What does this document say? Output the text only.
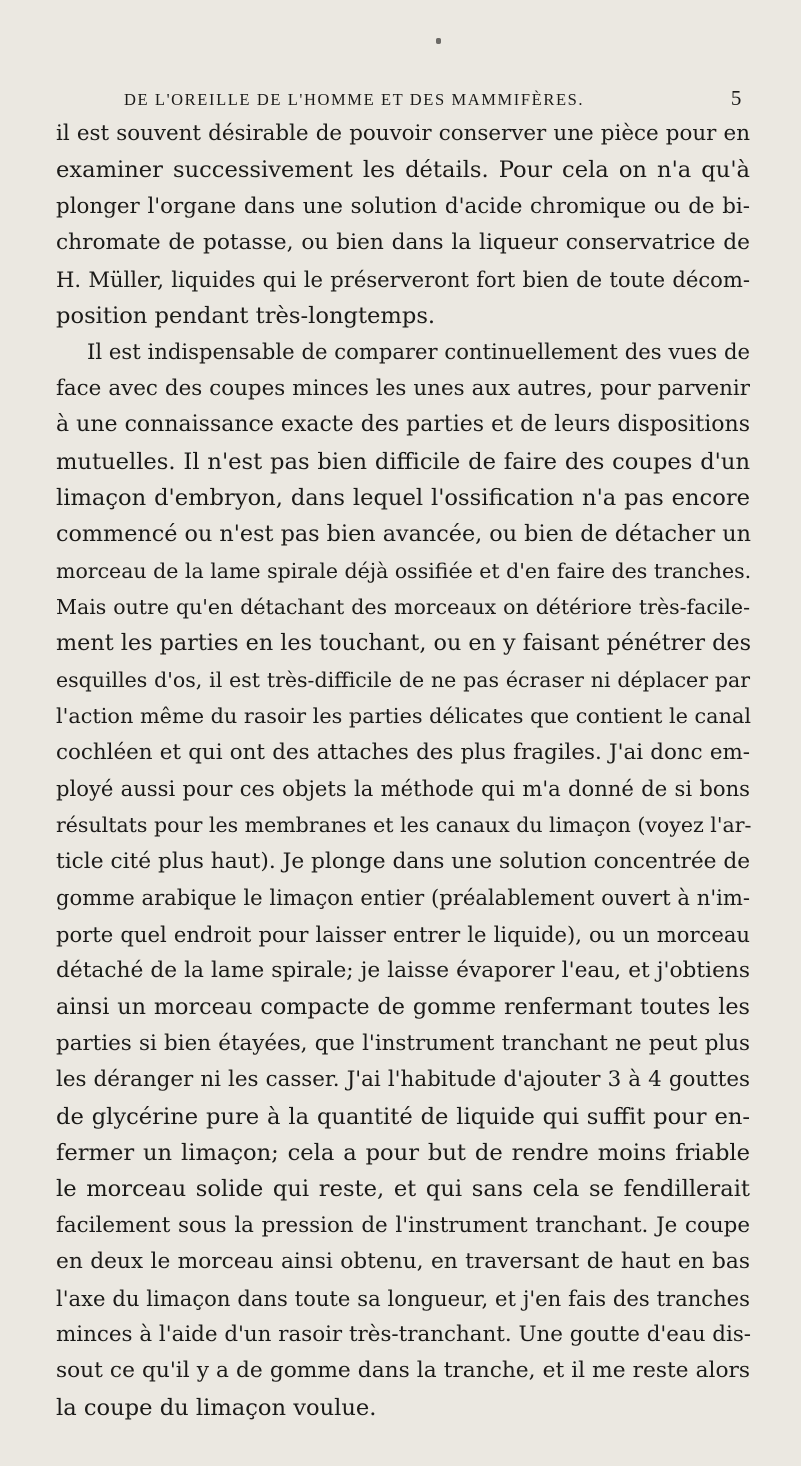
DE L'OREILLE DE L'HOMME ET DES MAMMIFÈRES.	5
il est souvent désirable de pouvoir conserver une pièce pour en
examiner successivement les détails. Pour cela on n'a qu'à
plonger l'organe dans une solution d'acide chromique ou de bi-
chromate de potasse, ou bien dans la liqueur conservatrice de
H. Müller, liquides qui le préserveront fort bien de toute décom-
position pendant très-longtemps.
Il est indispensable de comparer continuellement des vues de
face avec des coupes minces les unes aux autres, pour parvenir
à une connaissance exacte des parties et de leurs dispositions
mutuelles. Il n'est pas bien difficile de faire des coupes d'un
limaçon d'embryon, dans lequel l'ossification n'a pas encore
commencé ou n'est pas bien avancée, ou bien de détacher un
morceau de la lame spirale déjà ossifiée et d'en faire des tranches.
Mais outre qu'en détachant des morceaux on détériore très-facile-
ment les parties en les touchant, ou en y faisant pénétrer des
esquilles d'os, il est très-difficile de ne pas écraser ni déplacer par
l'action même du rasoir les parties délicates que contient le canal
cochléen et qui ont des attaches des plus fragiles. J'ai donc em-
ployé aussi pour ces objets la méthode qui m'a donné de si bons
résultats pour les membranes et les canaux du limaçon (voyez l'ar-
ticle cité plus haut). Je plonge dans une solution concentrée de
gomme arabique le limaçon entier (préalablement ouvert à n'im-
porte quel endroit pour laisser entrer le liquide), ou un morceau
détaché de la lame spirale; je laisse évaporer l'eau, et j'obtiens
ainsi un morceau compacte de gomme renfermant toutes les
parties si bien étayées, que l'instrument tranchant ne peut plus
les déranger ni les casser. J'ai l'habitude d'ajouter 3 à 4 gouttes
de glycérine pure à la quantité de liquide qui suffit pour en-
fermer un limaçon; cela a pour but de rendre moins friable
le morceau solide qui reste, et qui sans cela se fendillerait
facilement sous la pression de l'instrument tranchant. Je coupe
en deux le morceau ainsi obtenu, en traversant de haut en bas
l'axe du limaçon dans toute sa longueur, et j'en fais des tranches
minces à l'aide d'un rasoir très-tranchant. Une goutte d'eau dis-
sout ce qu'il y a de gomme dans la tranche, et il me reste alors
la coupe du limaçon voulue.
